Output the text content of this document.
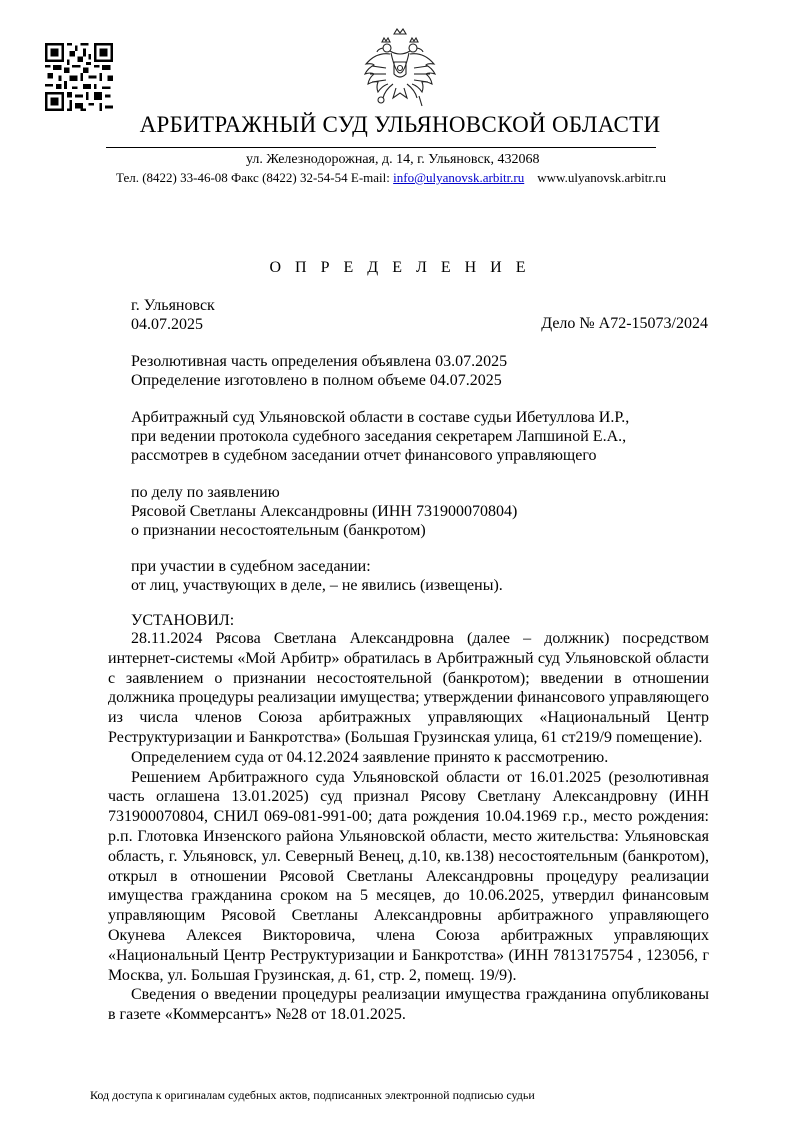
АРБИТРАЖНЫЙ СУД УЛЬЯНОВСКОЙ ОБЛАСТИ
ул. Железнодорожная, д. 14, г. Ульяновск, 432068
Тел. (8422) 33-46-08 Факс (8422) 32-54-54 E-mail: info@ulyanovsk.arbitr.ru www.ulyanovsk.arbitr.ru
О П Р Е Д Е Л Е Н И Е
г. Ульяновск
04.07.2025	Дело № А72-15073/2024
Резолютивная часть определения объявлена 03.07.2025
Определение изготовлено в полном объеме 04.07.2025
Арбитражный суд Ульяновской области в составе судьи Ибетуллова И.Р.,
при ведении протокола судебного заседания секретарем Лапшиной Е.А.,
рассмотрев в судебном заседании отчет финансового управляющего
по делу по заявлению
Рясовой Светланы Александровны (ИНН 731900070804)
о признании несостоятельным (банкротом)
при участии в судебном заседании:
от лиц, участвующих в деле, – не явились (извещены).
УСТАНОВИЛ:

28.11.2024 Рясова Светлана Александровна (далее – должник) посредством интернет-системы «Мой Арбитр» обратилась в Арбитражный суд Ульяновской области с заявлением о признании несостоятельной (банкротом); введении в отношении должника процедуры реализации имущества; утверждении финансового управляющего из числа членов Союза арбитражных управляющих «Национальный Центр Реструктуризации и Банкротства» (Большая Грузинская улица, 61 ст219/9 помещение).

Определением суда от 04.12.2024 заявление принято к рассмотрению.

Решением Арбитражного суда Ульяновской области от 16.01.2025 (резолютивная часть оглашена 13.01.2025) суд признал Рясову Светлану Александровну (ИНН 731900070804, СНИЛ 069-081-991-00; дата рождения 10.04.1969 г.р., место рождения: р.п. Глотовка Инзенского района Ульяновской области, место жительства: Ульяновская область, г. Ульяновск, ул. Северный Венец, д.10, кв.138) несостоятельным (банкротом), открыл в отношении Рясовой Светланы Александровны процедуру реализации имущества гражданина сроком на 5 месяцев, до 10.06.2025, утвердил финансовым управляющим Рясовой Светланы Александровны арбитражного управляющего Окунева Алексея Викторовича, члена Союза арбитражных управляющих «Национальный Центр Реструктуризации и Банкротства» (ИНН 7813175754 , 123056, г Москва, ул. Большая Грузинская, д. 61, стр. 2, помещ. 19/9).

Сведения о введении процедуры реализации имущества гражданина опубликованы в газете «Коммерсантъ» №28 от 18.01.2025.

Код доступа к оригиналам судебных актов, подписанных электронной подписью судьи
